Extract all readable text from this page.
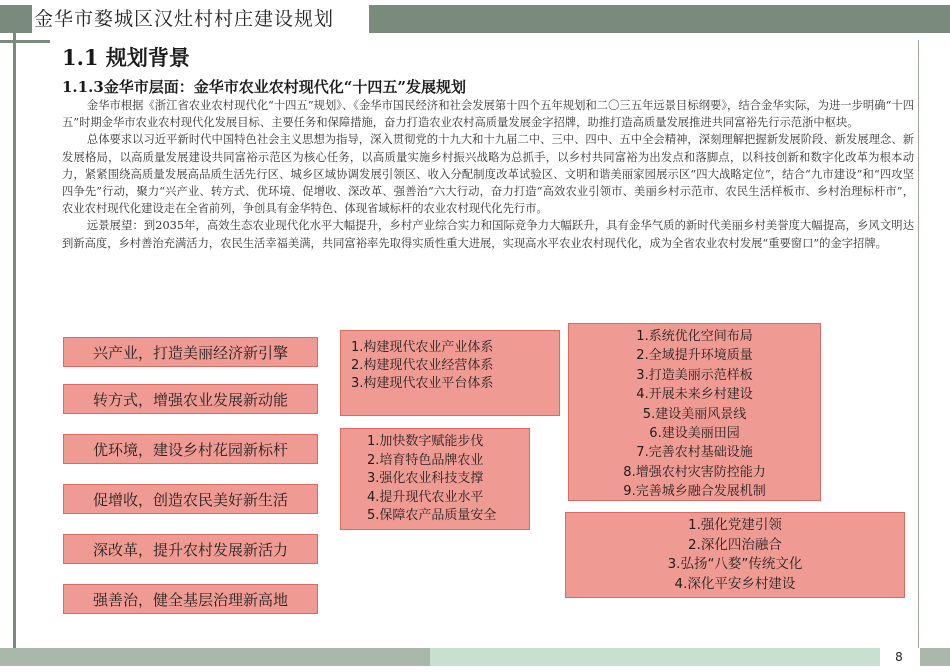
金华市婺城区汉灶村村庄建设规划
1.1 规划背景
1.1.3金华市层面：金华市农业农村现代化“十四五”发展规划

金华市根据《浙江省农业农村现代化“十四五”规划》、《金华市国民经济和社会发展第十四个五年规划和二〇三五年远景目标纲要》，结合金华实际，为进一步明确“十四五”时期金华市农业农村现代化发展目标、主要任务和保障措施，奋力打造农业农村高质量发展金字招牌，助推打造高质量发展推进共同富裕先行示范浙中枢块。

总体要求以习近平新时代中国特色社会主义思想为指导，深入贯彻党的十九大和十九届二中、三中、四中、五中全会精神，深刻理解把握新发展阶段、新发展理念、新发展格局，以高质量发展建设共同富裕示范区为核心任务，以高质量实施乡村振兴战略为总抓手，以乡村共同富裕为出发点和落脚点，以科技创新和数字化改革为根本动力，紧紧围绕高质量发展高品质生活先行区、城乡区域协调发展引领区、收入分配制度改革试验区、文明和谐美丽家园展示区“四大战略定位”，结合“九市建设”和“四攻坚四争先”行动，聚力“兴产业、转方式、优环境、促增收、深改革、强善治”六大行动，奋力打造“高效农业引领市、美丽乡村示范市、农民生活样板市、乡村治理标杆市”，农业农村现代化建设走在全省前列，争创具有金华特色、体现省域标杆的农业农村现代化先行市。

远景展望：到2035年，高效生态农业现代化水平大幅提升，乡村产业综合实力和国际竞争力大幅跃升，具有金华气质的新时代美丽乡村美誉度大幅提高，乡风文明达到新高度，乡村善治充满活力，农民生活幸福美满，共同富裕率先取得实质性重大进展，实现高水平农业农村现代化，成为全省农业农村发展“重要窗口”的金字招牌。

兴产业，打造美丽经济新引擎
转方式，增强农业发展新动能
优环境，建设乡村花园新标杆
促增收，创造农民美好新生活
深改革，提升农村发展新活力
强善治，健全基层治理新高地
1.构建现代农业产业体系
2.构建现代农业经营体系
3.构建现代农业平台体系
1.加快数字赋能步伐
2.培育特色品牌农业
3.强化农业科技支撑
4.提升现代农业水平
5.保障农产品质量安全
1.系统优化空间布局
2.全域提升环境质量
3.打造美丽示范样板
4.开展未来乡村建设
5.建设美丽风景线
6.建设美丽田园
7.完善农村基础设施
8.增强农村灾害防控能力
9.完善城乡融合发展机制
1.强化党建引领
2.深化四治融合
3.弘扬“八婺”传统文化
4.深化平安乡村建设
8
